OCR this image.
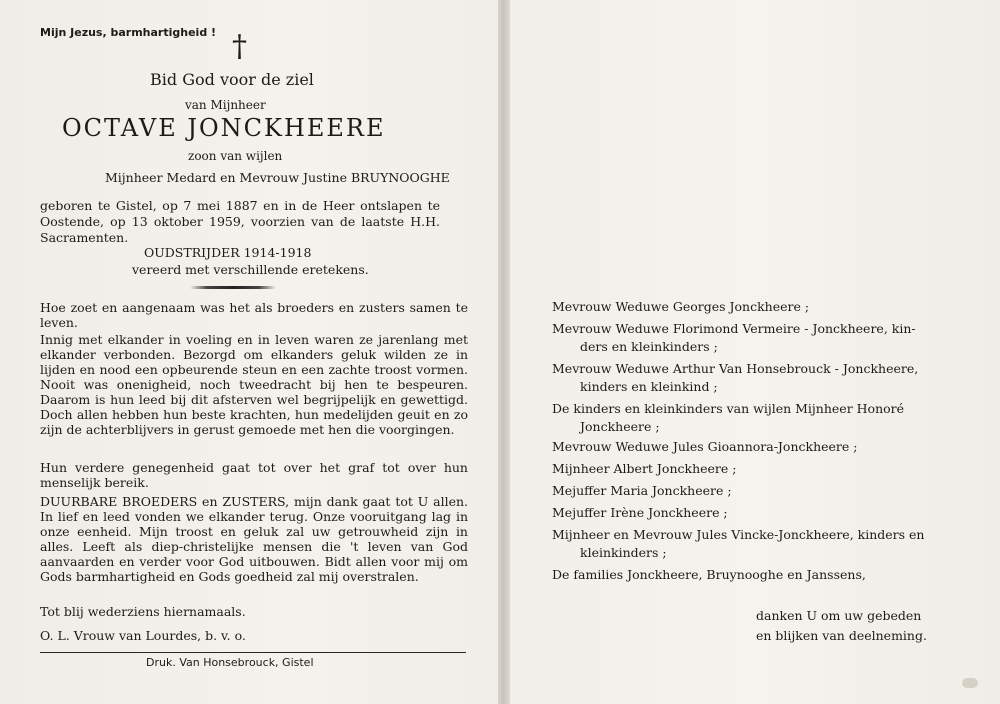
Mijn Jezus, barmhartigheid ! †
Bid God voor de ziel
van Mijnheer
OCTAVE JONCKHEERE
zoon van wijlen
Mijnheer Medard en Mevrouw Justine BRUYNOOGHE
geboren te Gistel, op 7 mei 1887 en in de Heer ontslapen te Oostende, op 13 oktober 1959, voorzien van de laatste H.H. Sacramenten.
OUDSTRIJDER 1914-1918
vereerd met verschillende eretekens.
Hoe zoet en aangenaam was het als broeders en zusters samen te leven.
Innig met elkander in voeling en in leven waren ze jarenlang met elkander verbonden. Bezorgd om elkanders geluk wilden ze in lijden en nood een opbeurende steun en een zachte troost vormen. Nooit was onenigheid, noch tweedracht bij hen te bespeuren. Daarom is hun leed bij dit afsterven wel begrijpelijk en gewettigd. Doch allen hebben hun beste krachten, hun medelijden geuit en zo zijn de achterblijvers in gerust gemoede met hen die voorgingen.
Hun verdere genegenheid gaat tot over het graf tot over hun menselijk bereik.
DUURBARE BROEDERS en ZUSTERS, mijn dank gaat tot U allen. In lief en leed vonden we elkander terug. Onze vooruitgang lag in onze eenheid. Mijn troost en geluk zal uw getrouwheid zijn in alles. Leeft als diep-christelijke mensen die 't leven van God aanvaarden en verder voor God uitbouwen. Bidt allen voor mij om Gods barmhartigheid en Gods goedheid zal mij overstralen.
Tot blij wederziens hiernamaals.
O. L. Vrouw van Lourdes, b. v. o.
Druk. Van Honsebrouck, Gistel
Mevrouw Weduwe Georges Jonckheere ;
Mevrouw Weduwe Florimond Vermeire - Jonckheere, kin-
ders en kleinkinders ;
Mevrouw Weduwe Arthur Van Honsebrouck - Jonckheere,
kinders en kleinkind ;
De kinders en kleinkinders van wijlen Mijnheer Honoré
Jonckheere ;
Mevrouw Weduwe Jules Gioannora-Jonckheere ;
Mijnheer Albert Jonckheere ;
Mejuffer Maria Jonckheere ;
Mejuffer Irène Jonckheere ;
Mijnheer en Mevrouw Jules Vincke-Jonckheere, kinders en
kleinkinders ;
De families Jonckheere, Bruynooghe en Janssens,
danken U om uw gebeden
en blijken van deelneming.
